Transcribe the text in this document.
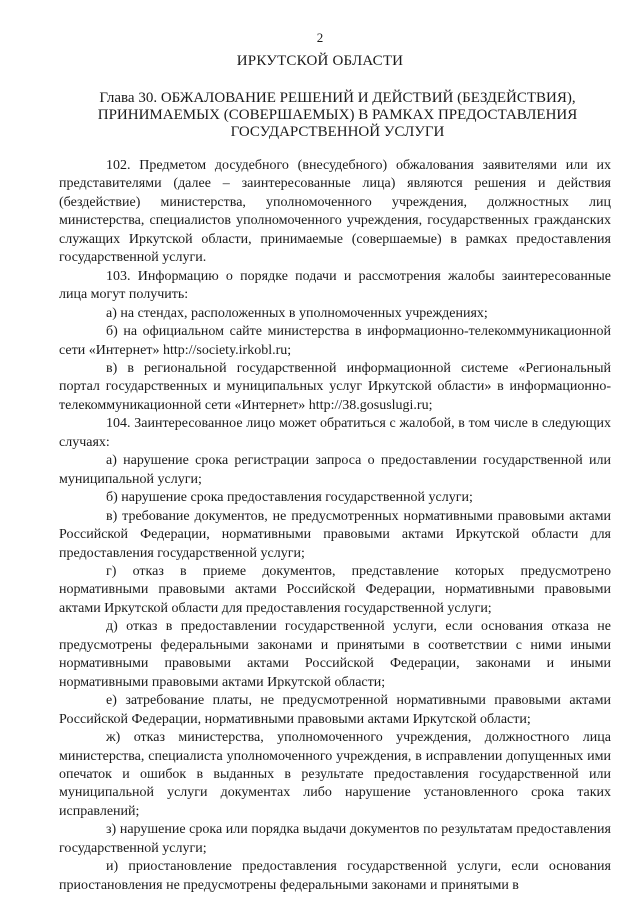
2
ИРКУТСКОЙ ОБЛАСТИ
Глава 30. ОБЖАЛОВАНИЕ РЕШЕНИЙ И ДЕЙСТВИЙ (БЕЗДЕЙСТВИЯ),
ПРИНИМАЕМЫХ (СОВЕРШАЕМЫХ) В РАМКАХ ПРЕДОСТАВЛЕНИЯ
ГОСУДАРСТВЕННОЙ УСЛУГИ

102. Предметом досудебного (внесудебного) обжалования заявителями или их представителями (далее – заинтересованные лица) являются решения и действия (бездействие) министерства, уполномоченного учреждения, должностных лиц министерства, специалистов уполномоченного учреждения, государственных гражданских служащих Иркутской области, принимаемые (совершаемые) в рамках предоставления государственной услуги.

103. Информацию о порядке подачи и рассмотрения жалобы заинтересованные лица могут получить:

а) на стендах, расположенных в уполномоченных учреждениях;

б) на официальном сайте министерства в информационно-телекоммуникационной сети «Интернет» http://society.irkobl.ru;

в) в региональной государственной информационной системе «Региональный портал государственных и муниципальных услуг Иркутской области» в информационно-телекоммуникационной сети «Интернет» http://38.gosuslugi.ru;

104. Заинтересованное лицо может обратиться с жалобой, в том числе в следующих случаях:

а) нарушение срока регистрации запроса о предоставлении государственной или муниципальной услуги;

б) нарушение срока предоставления государственной услуги;

в) требование документов, не предусмотренных нормативными правовыми актами Российской Федерации, нормативными правовыми актами Иркутской области для предоставления государственной услуги;

г) отказ в приеме документов, представление которых предусмотрено нормативными правовыми актами Российской Федерации, нормативными правовыми актами Иркутской области для предоставления государственной услуги;

д) отказ в предоставлении государственной услуги, если основания отказа не предусмотрены федеральными законами и принятыми в соответствии с ними иными нормативными правовыми актами Российской Федерации, законами и иными нормативными правовыми актами Иркутской области;

е) затребование платы, не предусмотренной нормативными правовыми актами Российской Федерации, нормативными правовыми актами Иркутской области;

ж) отказ министерства, уполномоченного учреждения, должностного лица министерства, специалиста уполномоченного учреждения, в исправлении допущенных ими опечаток и ошибок в выданных в результате предоставления государственной или муниципальной услуги документах либо нарушение установленного срока таких исправлений;

з) нарушение срока или порядка выдачи документов по результатам предоставления государственной услуги;

и) приостановление предоставления государственной услуги, если основания приостановления не предусмотрены федеральными законами и принятыми в
